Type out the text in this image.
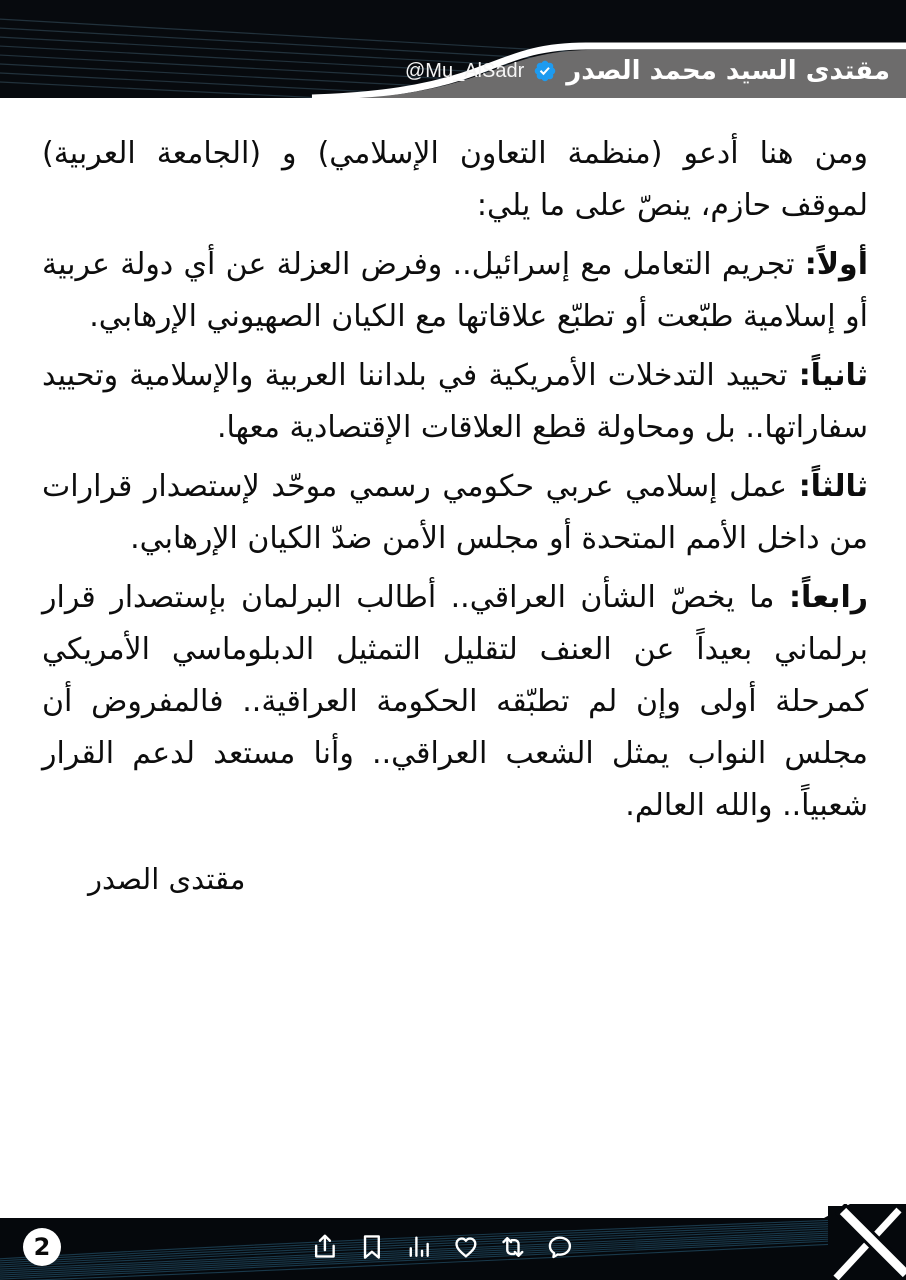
مقتدى السيد محمد الصدر
@Mu_AlSadr

ومن هنا أدعو (منظمة التعاون الإسلامي) و (الجامعة العربية) لموقف حازم، ينصّ على ما يلي:

أولاً: تجريم التعامل مع إسرائيل.. وفرض العزلة عن أي دولة عربية أو إسلامية طبّعت أو تطبّع علاقاتها مع الكيان الصهيوني الإرهابي.

ثانياً: تحييد التدخلات الأمريكية في بلداننا العربية والإسلامية وتحييد سفاراتها.. بل ومحاولة قطع العلاقات الإقتصادية معها.

ثالثاً: عمل إسلامي عربي حكومي رسمي موحّد لإستصدار قرارات من داخل الأمم المتحدة أو مجلس الأمن ضدّ الكيان الإرهابي.

رابعاً: ما يخصّ الشأن العراقي.. أطالب البرلمان بإستصدار قرار برلماني بعيداً عن العنف لتقليل التمثيل الدبلوماسي الأمريكي كمرحلة أولى وإن لم تطبّقه الحكومة العراقية.. فالمفروض أن مجلس النواب يمثل الشعب العراقي.. وأنا مستعد لدعم القرار شعبياً.. والله العالم.

مقتدى الصدر
2
